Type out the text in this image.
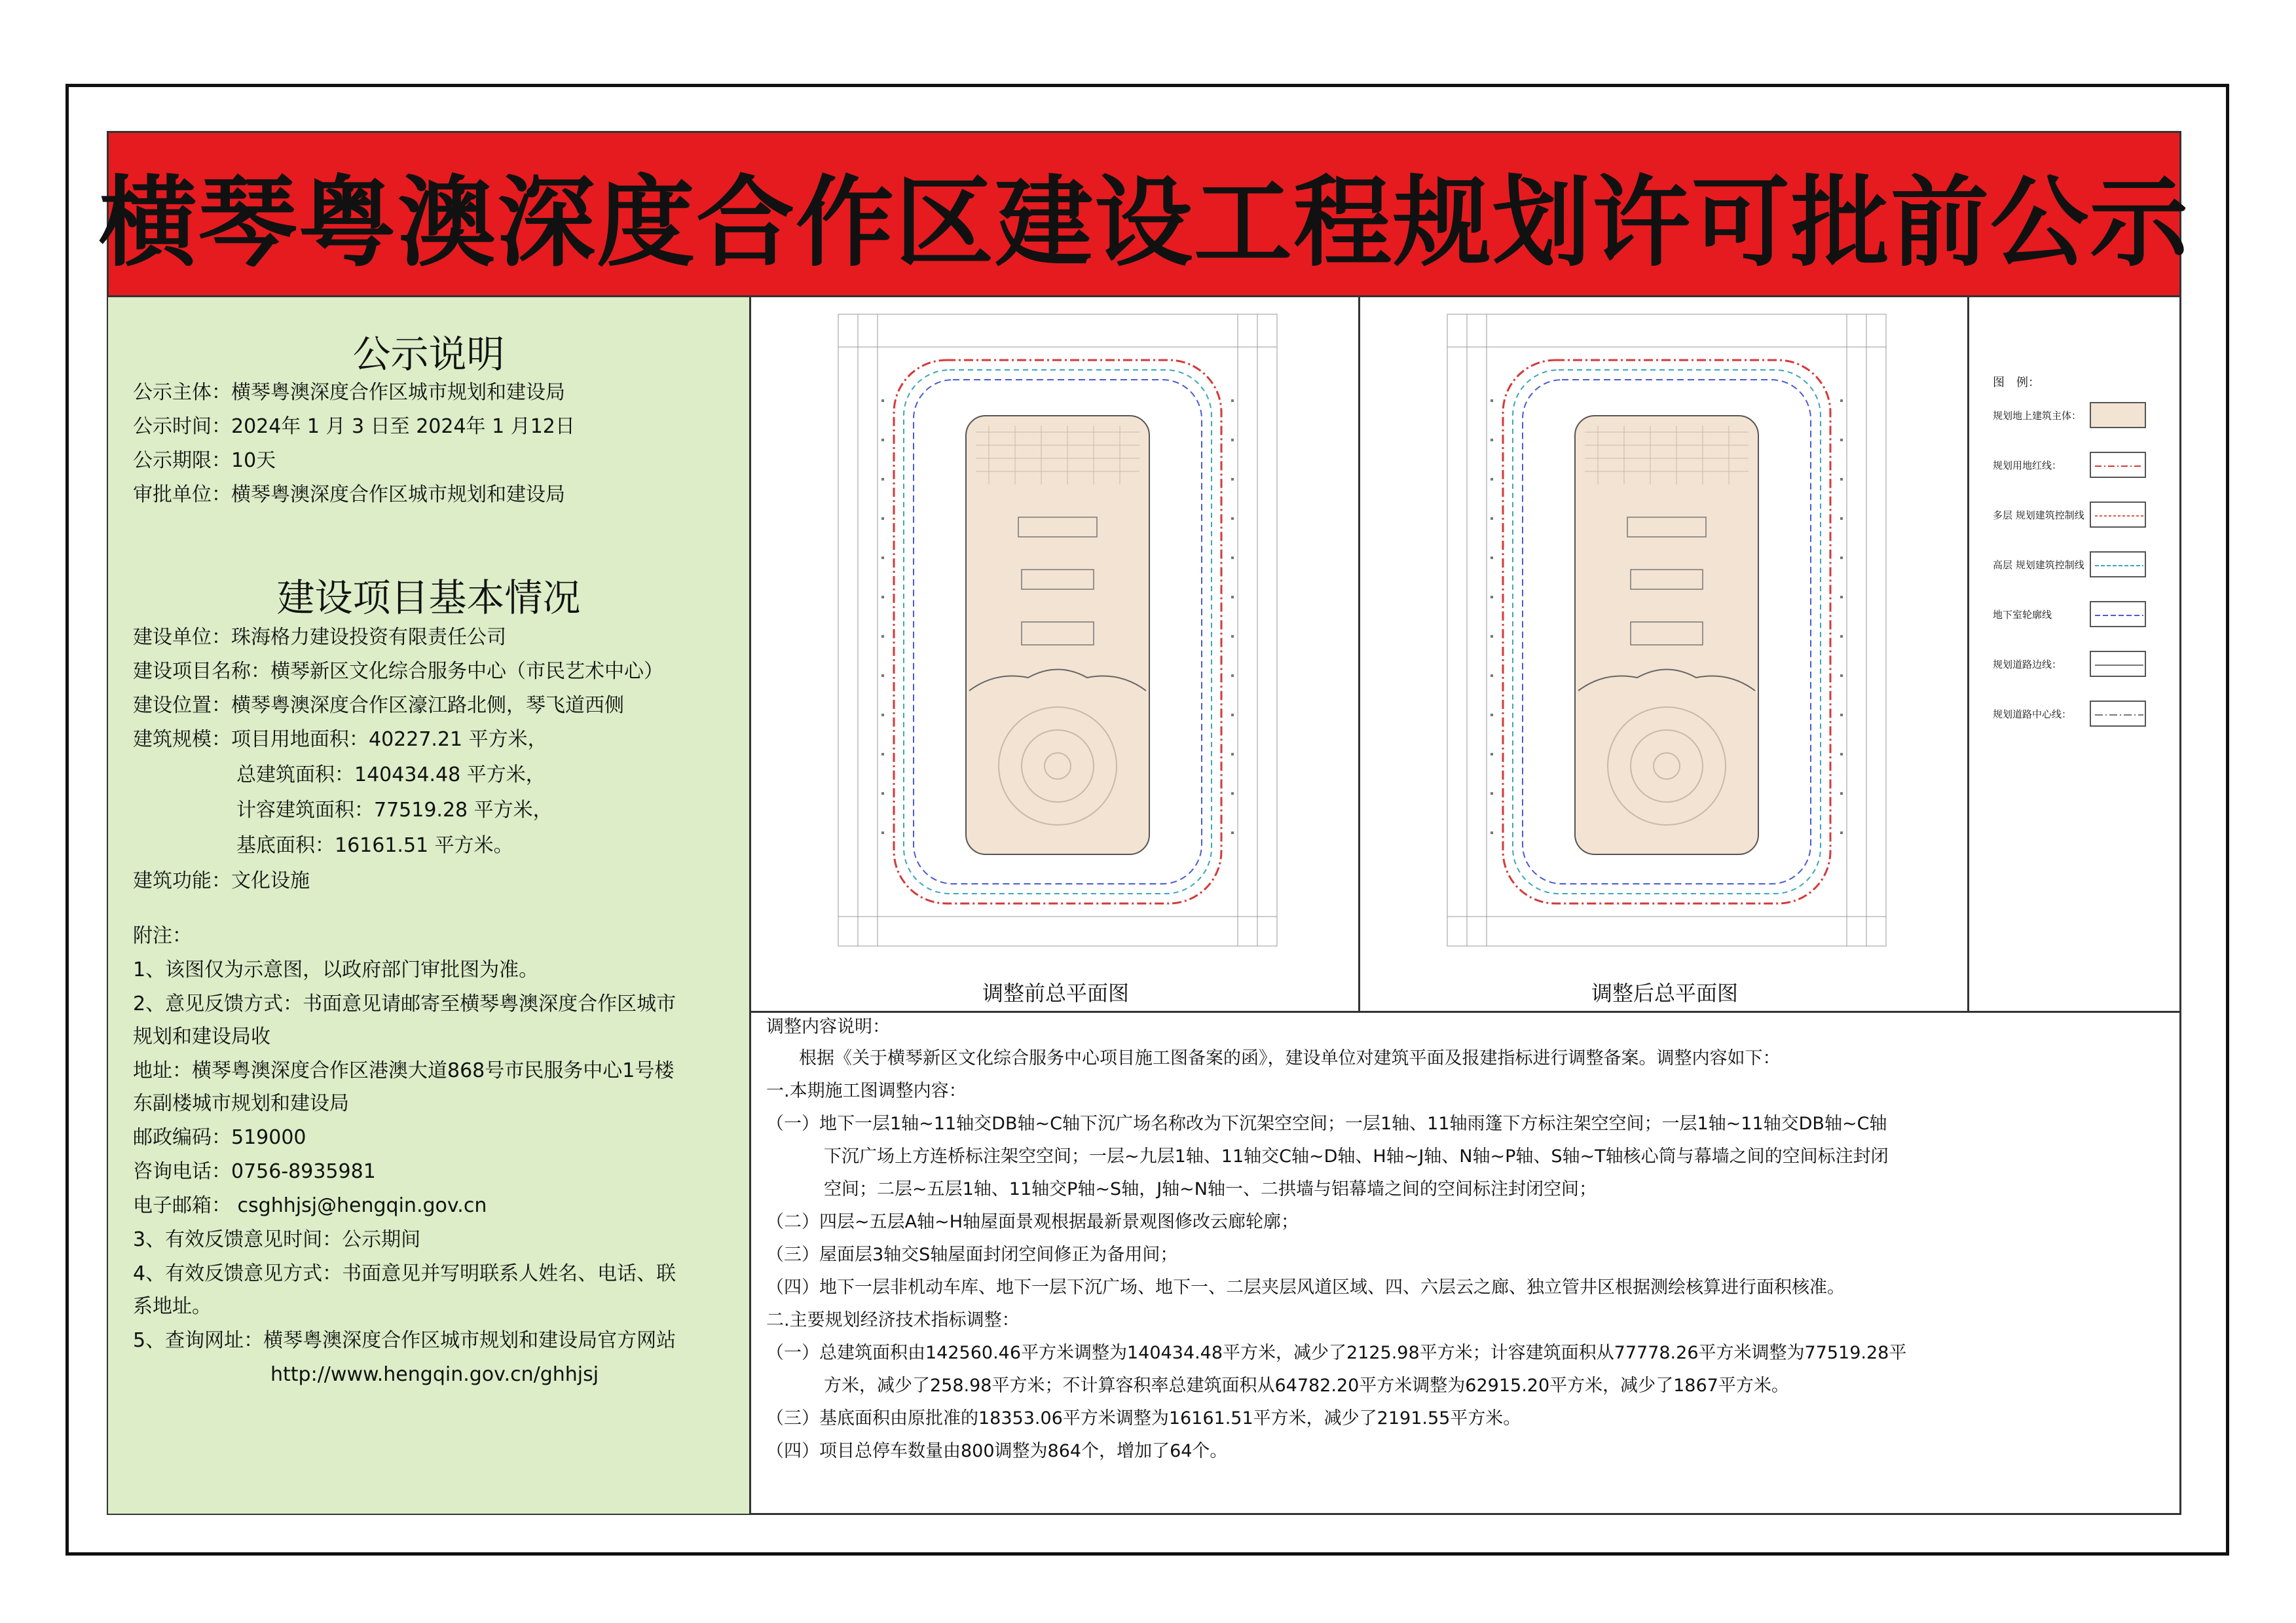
横琴粤澳深度合作区建设工程规划许可批前公示
公示说明
公示主体：横琴粤澳深度合作区城市规划和建设局
公示时间：2024年 1 月 3 日至 2024年 1 月12日
公示期限：10天
审批单位：横琴粤澳深度合作区城市规划和建设局
建设项目基本情况
建设单位：珠海格力建设投资有限责任公司
建设项目名称：横琴新区文化综合服务中心（市民艺术中心）
建设位置：横琴粤澳深度合作区濠江路北侧，琴飞道西侧
建筑规模：项目用地面积：40227.21 平方米，
总建筑面积：140434.48 平方米，
计容建筑面积：77519.28 平方米，
基底面积：16161.51 平方米。
建筑功能：文化设施
附注：
1、该图仅为示意图，以政府部门审批图为准。
2、意见反馈方式：书面意见请邮寄至横琴粤澳深度合作区城市
规划和建设局收
地址：横琴粤澳深度合作区港澳大道868号市民服务中心1号楼
东副楼城市规划和建设局
邮政编码：519000
咨询电话：0756-8935981
电子邮箱： csghhjsj@hengqin.gov.cn
3、有效反馈意见时间：公示期间
4、有效反馈意见方式：书面意见并写明联系人姓名、电话、联
系地址。
5、查询网址：横琴粤澳深度合作区城市规划和建设局官方网站
http://www.hengqin.gov.cn/ghhjsj
调整前总平面图	调整后总平面图
图　例：
规划地上建筑主体：
规划用地红线：
多层 规划建筑控制线
高层 规划建筑控制线
地下室轮廓线
规划道路边线：
规划道路中心线：
调整内容说明：
根据《关于横琴新区文化综合服务中心项目施工图备案的函》，建设单位对建筑平面及报建指标进行调整备案。调整内容如下：
一.本期施工图调整内容：
（一）地下一层1轴~11轴交DB轴~C轴下沉广场名称改为下沉架空空间；一层1轴、11轴雨篷下方标注架空空间；一层1轴~11轴交DB轴~C轴
下沉广场上方连桥标注架空空间；一层~九层1轴、11轴交C轴~D轴、H轴~J轴、N轴~P轴、S轴~T轴核心筒与幕墙之间的空间标注封闭
空间；二层~五层1轴、11轴交P轴~S轴，J轴~N轴一、二拱墙与铝幕墙之间的空间标注封闭空间；
（二）四层~五层A轴~H轴屋面景观根据最新景观图修改云廊轮廓；
（三）屋面层3轴交S轴屋面封闭空间修正为备用间；
（四）地下一层非机动车库、地下一层下沉广场、地下一、二层夹层风道区域、四、六层云之廊、独立管井区根据测绘核算进行面积核准。
二.主要规划经济技术指标调整：
（一）总建筑面积由142560.46平方米调整为140434.48平方米，减少了2125.98平方米；计容建筑面积从77778.26平方米调整为77519.28平
方米，减少了258.98平方米；不计算容积率总建筑面积从64782.20平方米调整为62915.20平方米，减少了1867平方米。
（三）基底面积由原批准的18353.06平方米调整为16161.51平方米，减少了2191.55平方米。
（四）项目总停车数量由800调整为864个，增加了64个。
